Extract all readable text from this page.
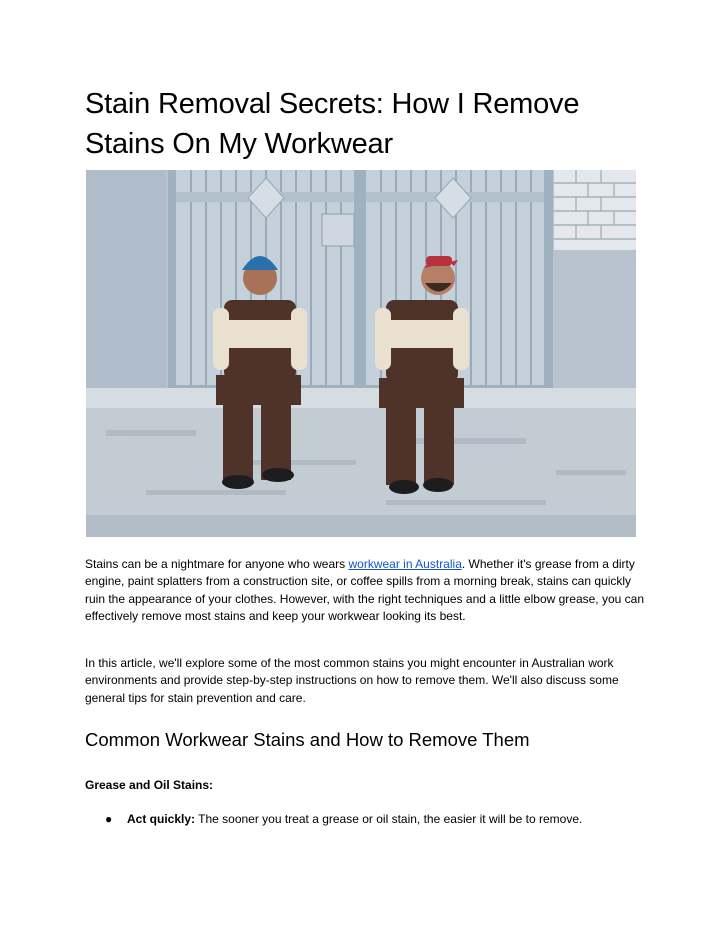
Stain Removal Secrets: How I Remove
Stains On My Workwear

Stains can be a nightmare for anyone who wears workwear in Australia. Whether it's grease from a dirty engine, paint splatters from a construction site, or coffee spills from a morning break, stains can quickly ruin the appearance of your clothes. However, with the right techniques and a little elbow grease, you can effectively remove most stains and keep your workwear looking its best.

In this article, we'll explore some of the most common stains you might encounter in Australian work environments and provide step-by-step instructions on how to remove them. We'll also discuss some general tips for stain prevention and care.

Common Workwear Stains and How to Remove Them
Grease and Oil Stains:
● Act quickly: The sooner you treat a grease or oil stain, the easier it will be to remove.
